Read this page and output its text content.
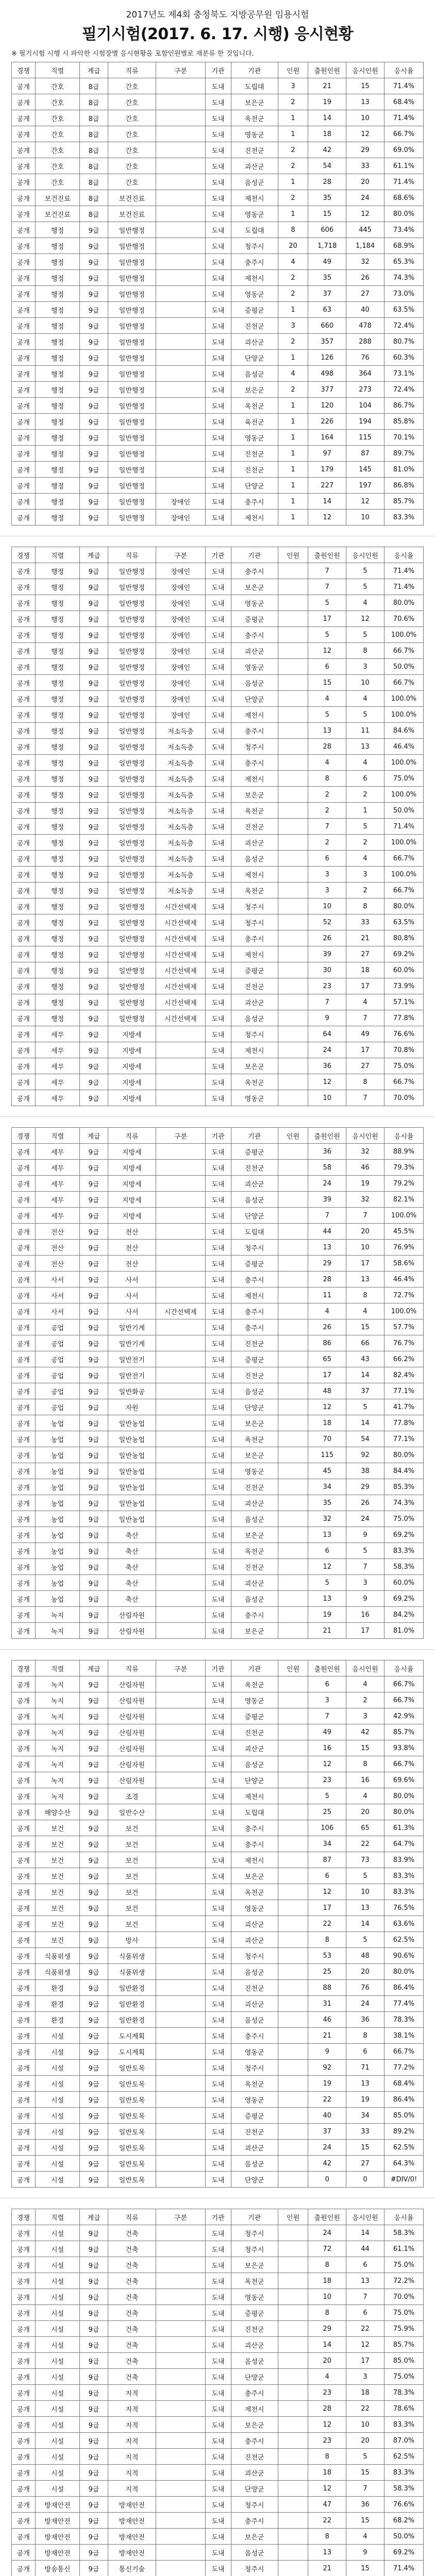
2017년도 제4회 충청북도 지방공무원 임용시험
필기시험(2017. 6. 17. 시행) 응시현황
※ 필기시험 시행 시 파악한 시험장별 응시현황을 포함인원별로 재분류 한 것입니다.
경쟁	직렬	계급	직류	구분	기관	기관	인원	출원인원	응시인원	응시율
공개	간호	8급	간호		도내	도립대	3	21	15	71.4%
공개	간호	8급	간호		도내	보은군	2	19	13	68.4%
공개	간호	8급	간호		도내	옥천군	1	14	10	71.4%
공개	간호	8급	간호		도내	영동군	1	18	12	66.7%
공개	간호	8급	간호		도내	진천군	2	42	29	69.0%
공개	간호	8급	간호		도내	괴산군	2	54	33	61.1%
공개	간호	8급	간호		도내	음성군	1	28	20	71.4%
공개	보건진료	8급	보건진료		도내	제천시	2	35	24	68.6%
공개	보건진료	8급	보건진료		도내	영동군	1	15	12	80.0%
공개	행정	9급	일반행정		도내	도립대	8	606	445	73.4%
공개	행정	9급	일반행정		도내	청주시	20	1,718	1,184	68.9%
공개	행정	9급	일반행정		도내	충주시	4	49	32	65.3%
공개	행정	9급	일반행정		도내	제천시	2	35	26	74.3%
공개	행정	9급	일반행정		도내	영동군	2	37	27	73.0%
공개	행정	9급	일반행정		도내	증평군	1	63	40	63.5%
공개	행정	9급	일반행정		도내	진천군	3	660	478	72.4%
공개	행정	9급	일반행정		도내	괴산군	2	357	288	80.7%
공개	행정	9급	일반행정		도내	단양군	1	126	76	60.3%
공개	행정	9급	일반행정		도내	음성군	4	498	364	73.1%
공개	행정	9급	일반행정		도내	보은군	2	377	273	72.4%
공개	행정	9급	일반행정		도내	옥천군	1	120	104	86.7%
공개	행정	9급	일반행정		도내	육전군	1	226	194	85.8%
공개	행정	9급	일반행정		도내	영동군	1	164	115	70.1%
공개	행정	9급	일반행정		도내	진천군	1	97	87	89.7%
공개	행정	9급	일반행정		도내	진천군	1	179	145	81.0%
공개	행정	9급	일반행정		도내	단양군	1	227	197	86.8%
공개	행정	9급	일반행정	장애인	도내	충주시	1	14	12	85.7%
공개	행정	9급	일반행정	장애인	도내	제천시	1	12	10	83.3%
경쟁	직렬	계급	직류	구분	기관	기관	인원	출원인원	응시인원	응시율
공개	행정	9급	일반행정	장애인	도내	충주시		7	5	71.4%
공개	행정	9급	일반행정	장애인	도내	보은군		7	5	71.4%
공개	행정	9급	일반행정	장애인	도내	영동군		5	4	80.0%
공개	행정	9급	일반행정	장애인	도내	증평군		17	12	70.6%
공개	행정	9급	일반행정	장애인	도내	충주시		5	5	100.0%
공개	행정	9급	일반행정	장애인	도내	괴산군		12	8	66.7%
공개	행정	9급	일반행정	장애인	도내	영동군		6	3	50.0%
공개	행정	9급	일반행정	장애인	도내	음성군		15	10	66.7%
공개	행정	9급	일반행정	장애인	도내	단양군		4	4	100.0%
공개	행정	9급	일반행정	장애인	도내	제천시		5	5	100.0%
공개	행정	9급	일반행정	저소득층	도내	충주시		13	11	84.6%
공개	행정	9급	일반행정	저소득층	도내	청주시		28	13	46.4%
공개	행정	9급	일반행정	저소득층	도내	충주시		4	4	100.0%
공개	행정	9급	일반행정	저소득층	도내	제천시		8	6	75.0%
공개	행정	9급	일반행정	저소득층	도내	보은군		2	2	100.0%
공개	행정	9급	일반행정	저소득층	도내	옥천군		2	1	50.0%
공개	행정	9급	일반행정	저소득층	도내	진천군		7	5	71.4%
공개	행정	9급	일반행정	저소득층	도내	괴산군		2	2	100.0%
공개	행정	9급	일반행정	저소득층	도내	음성군		6	4	66.7%
공개	행정	9급	일반행정	저소득층	도내	제천시		3	3	100.0%
공개	행정	9급	일반행정	저소득층	도내	옥천군		3	2	66.7%
공개	행정	9급	일반행정	시간선택제	도내	청주시		10	8	80.0%
공개	행정	9급	일반행정	시간선택제	도내	청주시		52	33	63.5%
공개	행정	9급	일반행정	시간선택제	도내	충주시		26	21	80.8%
공개	행정	9급	일반행정	시간선택제	도내	제천시		39	27	69.2%
공개	행정	9급	일반행정	시간선택제	도내	증평군		30	18	60.0%
공개	행정	9급	일반행정	시간선택제	도내	진천군		23	17	73.9%
공개	행정	9급	일반행정	시간선택제	도내	괴산군		7	4	57.1%
공개	행정	9급	일반행정	시간선택제	도내	음성군		9	7	77.8%
공개	세무	9급	지방세		도내	청주시		64	49	76.6%
공개	세무	9급	지방세		도내	제천시		24	17	70.8%
공개	세무	9급	지방세		도내	보은군		36	27	75.0%
공개	세무	9급	지방세		도내	옥천군		12	8	66.7%
공개	세무	9급	지방세		도내	영동군		10	7	70.0%
경쟁	직렬	계급	직류	구분	기관	기관	인원	출원인원	응시인원	응시율
공개	세무	9급	지방세		도내	증평군		36	32	88.9%
공개	세무	9급	지방세		도내	진천군		58	46	79.3%
공개	세무	9급	지방세		도내	괴산군		24	19	79.2%
공개	세무	9급	지방세		도내	음성군		39	32	82.1%
공개	세무	9급	지방세		도내	단양군		7	7	100.0%
공개	전산	9급	전산		도내	도립대		44	20	45.5%
공개	전산	9급	전산		도내	청주시		13	10	76.9%
공개	전산	9급	전산		도내	증평군		29	17	58.6%
공개	사서	9급	사서		도내	충주시		28	13	46.4%
공개	사서	9급	사서		도내	제천시		11	8	72.7%
공개	사서	9급	사서	시간선택제	도내	충주시		4	4	100.0%
공개	공업	9급	일반기계		도내	충주시		26	15	57.7%
공개	공업	9급	일반기계		도내	진천군		86	66	76.7%
공개	공업	9급	일반전기		도내	증평군		65	43	66.2%
공개	공업	9급	일반전기		도내	진천군		17	14	82.4%
공개	공업	9급	일반화공		도내	음성군		48	37	77.1%
공개	공업	9급	자원		도내	단양군		12	5	41.7%
공개	농업	9급	일반농업		도내	보은군		18	14	77.8%
공개	농업	9급	일반농업		도내	옥천군		70	54	77.1%
공개	농업	9급	일반농업		도내	보은군		115	92	80.0%
공개	농업	9급	일반농업		도내	영동군		45	38	84.4%
공개	농업	9급	일반농업		도내	진천군		34	29	85.3%
공개	농업	9급	일반농업		도내	괴산군		35	26	74.3%
공개	농업	9급	일반농업		도내	음성군		32	24	75.0%
공개	농업	9급	축산		도내	보은군		13	9	69.2%
공개	농업	9급	축산		도내	옥천군		6	5	83.3%
공개	농업	9급	축산		도내	진천군		12	7	58.3%
공개	농업	9급	축산		도내	괴산군		5	3	60.0%
공개	농업	9급	축산		도내	음성군		13	9	69.2%
공개	녹지	9급	산림자원		도내	충주시		19	16	84.2%
공개	녹지	9급	산림자원		도내	보은군		21	17	81.0%
경쟁	직렬	계급	직류	구분	기관	기관	인원	출원인원	응시인원	응시율
공개	녹지	9급	산림자원		도내	옥천군		6	4	66.7%
공개	녹지	9급	산림자원		도내	영동군		3	2	66.7%
공개	녹지	9급	산림자원		도내	증평군		7	3	42.9%
공개	녹지	9급	산림자원		도내	진천군		49	42	85.7%
공개	녹지	9급	산림자원		도내	괴산군		16	15	93.8%
공개	녹지	9급	산림자원		도내	음성군		12	8	66.7%
공개	녹지	9급	산림자원		도내	단양군		23	16	69.6%
공개	녹지	9급	조경		도내	제천시		5	4	80.0%
공개	해양수산	9급	일반수산		도내	도립대		25	20	80.0%
공개	보건	9급	보건		도내	충주시		106	65	61.3%
공개	보건	9급	보건		도내	충주시		34	22	64.7%
공개	보건	9급	보건		도내	제천시		87	73	83.9%
공개	보건	9급	보건		도내	보은군		6	5	83.3%
공개	보건	9급	보건		도내	옥천군		12	10	83.3%
공개	보건	9급	보건		도내	영동군		17	13	76.5%
공개	보건	9급	보건		도내	괴산군		22	14	63.6%
공개	보건	9급	방사		도내	괴산군		8	5	62.5%
공개	식품위생	9급	식품위생		도내	청주시		53	48	90.6%
공개	식품위생	9급	식품위생		도내	음성군		25	20	80.0%
공개	환경	9급	일반환경		도내	진천군		88	76	86.4%
공개	환경	9급	일반환경		도내	괴산군		31	24	77.4%
공개	환경	9급	일반환경		도내	음성군		46	36	78.3%
공개	시설	9급	도시계획		도내	충주시		21	8	38.1%
공개	시설	9급	도시계획		도내	영동군		9	6	66.7%
공개	시설	9급	일반토목		도내	청주시		92	71	77.2%
공개	시설	9급	일반토목		도내	옥천군		19	13	68.4%
공개	시설	9급	일반토목		도내	영동군		22	19	86.4%
공개	시설	9급	일반토목		도내	증평군		40	34	85.0%
공개	시설	9급	일반토목		도내	진천군		37	33	89.2%
공개	시설	9급	일반토목		도내	괴산군		24	15	62.5%
공개	시설	9급	일반토목		도내	음성군		42	27	64.3%
공개	시설	9급	일반토목		도내	단양군		0	0	#DIV/0!
경쟁	직렬	계급	직류	구분	기관	기관	인원	출원인원	응시인원	응시율
공개	시설	9급	건축		도내	청주시		24	14	58.3%
공개	시설	9급	건축		도내	청주시		72	44	61.1%
공개	시설	9급	건축		도내	보은군		8	6	75.0%
공개	시설	9급	건축		도내	옥천군		18	13	72.2%
공개	시설	9급	건축		도내	영동군		10	7	70.0%
공개	시설	9급	건축		도내	증평군		8	6	75.0%
공개	시설	9급	건축		도내	진천군		29	22	75.9%
공개	시설	9급	건축		도내	괴산군		14	12	85.7%
공개	시설	9급	건축		도내	음성군		20	17	85.0%
공개	시설	9급	건축		도내	단양군		4	3	75.0%
공개	시설	9급	지적		도내	충주시		23	18	78.3%
공개	시설	9급	지적		도내	제천시		28	22	78.6%
공개	시설	9급	지적		도내	보은군		12	10	83.3%
공개	시설	9급	지적		도내	충주시		23	20	87.0%
공개	시설	9급	지적		도내	진천군		8	5	62.5%
공개	시설	9급	지적		도내	괴산군		18	15	83.3%
공개	시설	9급	지적		도내	단양군		12	7	58.3%
공개	방재안전	9급	방재안전		도내	청주시		47	36	76.6%
공개	방재안전	9급	방재안전		도내	충주시		22	15	68.2%
공개	방재안전	9급	방재안전		도내	보은군		8	4	50.0%
공개	방재안전	9급	방재안전		도내	음성군		13	9	69.2%
공개	방송통신	9급	통신기술		도내	청주시		21	15	71.4%
